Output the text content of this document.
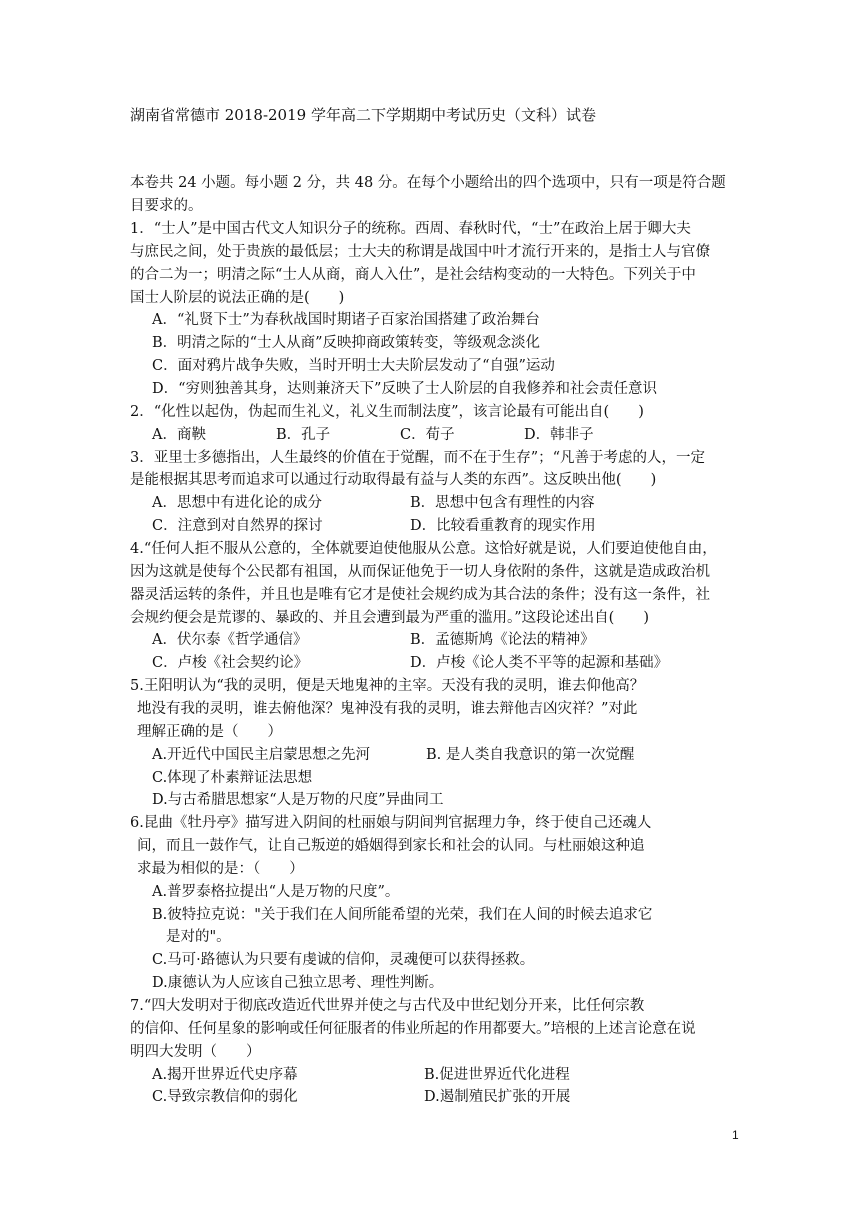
湖南省常德市 2018-2019 学年高二下学期期中考试历史（文科）试卷
本卷共 24 小题。每小题 2 分，共 48 分。在每个小题给出的四个选项中，只有一项是符合题
目要求的。
1．“士人”是中国古代文人知识分子的统称。西周、春秋时代，“士”在政治上居于卿大夫
与庶民之间，处于贵族的最低层；士大夫的称谓是战国中叶才流行开来的，是指士人与官僚
的合二为一；明清之际“士人从商，商人入仕”，是社会结构变动的一大特色。下列关于中
国士人阶层的说法正确的是(　　)
A．“礼贤下士”为春秋战国时期诸子百家治国搭建了政治舞台
B．明清之际的“士人从商”反映抑商政策转变，等级观念淡化
C．面对鸦片战争失败，当时开明士大夫阶层发动了“自强”运动
D．“穷则独善其身，达则兼济天下”反映了士人阶层的自我修养和社会责任意识
2．“化性以起伪，伪起而生礼义，礼义生而制法度”，该言论最有可能出自(　　)
A．商鞅	B．孔子	C．荀子	D．韩非子
3．亚里士多德指出，人生最终的价值在于觉醒，而不在于生存”；“凡善于考虑的人，一定
是能根据其思考而追求可以通过行动取得最有益与人类的东西”。这反映出他(　　)
A．思想中有进化论的成分	B．思想中包含有理性的内容
C．注意到对自然界的探讨	D．比较看重教育的现实作用
4.“任何人拒不服从公意的，全体就要迫使他服从公意。这恰好就是说，人们要迫使他自由，
因为这就是使每个公民都有祖国，从而保证他免于一切人身依附的条件，这就是造成政治机
器灵活运转的条件，并且也是唯有它才是使社会规约成为其合法的条件；没有这一条件，社
会规约便会是荒谬的、暴政的、并且会遭到最为严重的滥用。”这段论述出自(　　)
A．伏尔泰《哲学通信》	B．孟德斯鸠《论法的精神》
C．卢梭《社会契约论》	D．卢梭《论人类不平等的起源和基础》
5.王阳明认为“我的灵明，便是天地鬼神的主宰。天没有我的灵明，谁去仰他高？
地没有我的灵明，谁去俯他深？鬼神没有我的灵明，谁去辩他吉凶灾祥？”对此
理解正确的是（　　）
A.开近代中国民主启蒙思想之先河	B. 是人类自我意识的第一次觉醒
C.体现了朴素辩证法思想
D.与古希腊思想家“人是万物的尺度”异曲同工
6.昆曲《牡丹亭》描写进入阴间的杜丽娘与阴间判官据理力争，终于使自己还魂人
间，而且一鼓作气，让自己叛逆的婚姻得到家长和社会的认同。与杜丽娘这种追
求最为相似的是：（　　）
A.普罗泰格拉提出“人是万物的尺度”。
B.彼特拉克说："关于我们在人间所能希望的光荣，我们在人间的时候去追求它
是对的"。
C.马可·路德认为只要有虔诚的信仰，灵魂便可以获得拯救。
D.康德认为人应该自己独立思考、理性判断。
7.“四大发明对于彻底改造近代世界并使之与古代及中世纪划分开来，比任何宗教
的信仰、任何星象的影响或任何征服者的伟业所起的作用都要大。”培根的上述言论意在说
明四大发明（　　）
A.揭开世界近代史序幕	B.促进世界近代化进程
C.导致宗教信仰的弱化	D.遏制殖民扩张的开展
1
